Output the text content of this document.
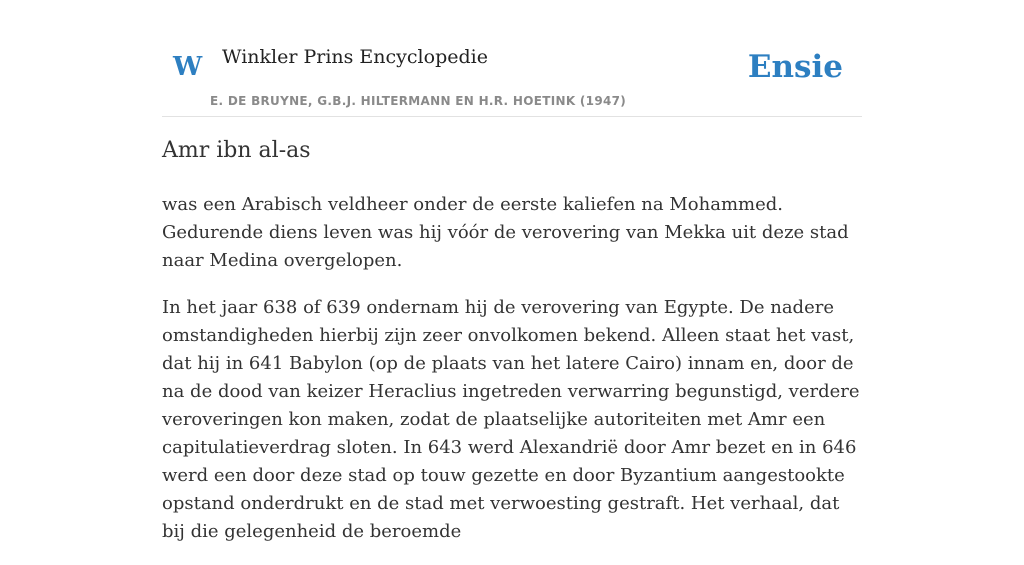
W Winkler Prins Encyclopedie
E. DE BRUYNE, G.B.J. HILTERMANN EN H.R. HOETINK (1947)
Ensie
Amr ibn al-as

was een Arabisch veldheer onder de eerste kaliefen na Mohammed. Gedurende diens leven was hij vóór de verovering van Mekka uit deze stad naar Medina overgelopen.

In het jaar 638 of 639 ondernam hij de verovering van Egypte. De nadere omstandigheden hierbij zijn zeer onvolkomen bekend. Alleen staat het vast, dat hij in 641 Babylon (op de plaats van het latere Cairo) innam en, door de na de dood van keizer Heraclius ingetreden verwarring begunstigd, verdere veroveringen kon maken, zodat de plaatselijke autoriteiten met Amr een capitulatieverdrag sloten. In 643 werd Alexandrië door Amr bezet en in 646 werd een door deze stad op touw gezette en door Byzantium aangestookte opstand onderdrukt en de stad met verwoesting gestraft. Het verhaal, dat bij die gelegenheid de beroemde
